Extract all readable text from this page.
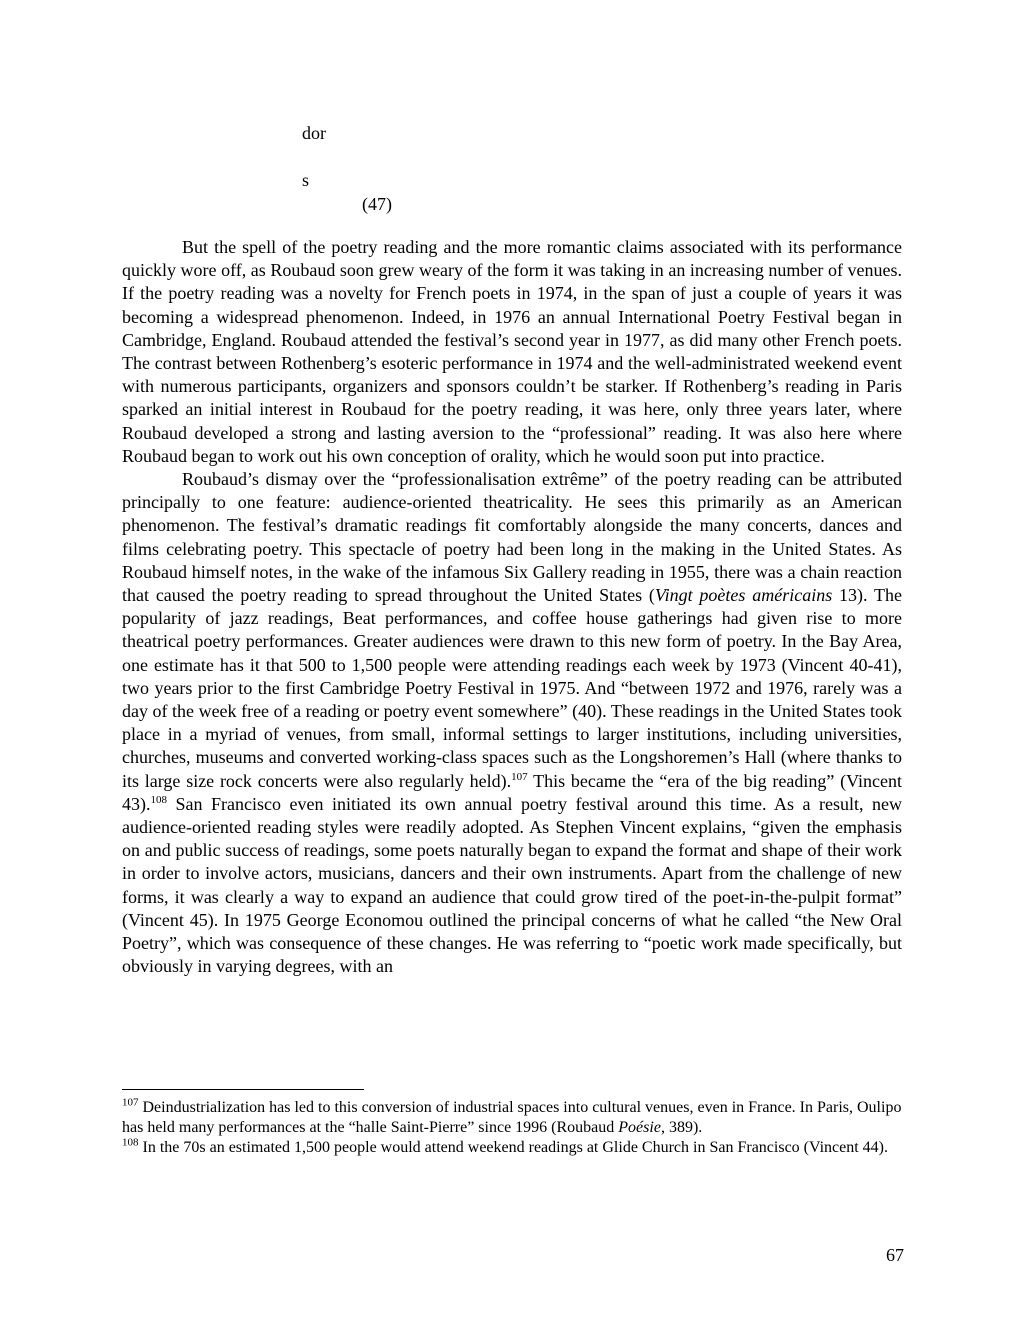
dor
s
(47)

But the spell of the poetry reading and the more romantic claims associated with its performance quickly wore off, as Roubaud soon grew weary of the form it was taking in an increasing number of venues. If the poetry reading was a novelty for French poets in 1974, in the span of just a couple of years it was becoming a widespread phenomenon. Indeed, in 1976 an annual International Poetry Festival began in Cambridge, England. Roubaud attended the festival’s second year in 1977, as did many other French poets. The contrast between Rothenberg’s esoteric performance in 1974 and the well-administrated weekend event with numerous participants, organizers and sponsors couldn’t be starker. If Rothenberg’s reading in Paris sparked an initial interest in Roubaud for the poetry reading, it was here, only three years later, where Roubaud developed a strong and lasting aversion to the “professional” reading. It was also here where Roubaud began to work out his own conception of orality, which he would soon put into practice.

Roubaud’s dismay over the “professionalisation extrême” of the poetry reading can be attributed principally to one feature: audience-oriented theatricality. He sees this primarily as an American phenomenon. The festival’s dramatic readings fit comfortably alongside the many concerts, dances and films celebrating poetry. This spectacle of poetry had been long in the making in the United States. As Roubaud himself notes, in the wake of the infamous Six Gallery reading in 1955, there was a chain reaction that caused the poetry reading to spread throughout the United States (Vingt poètes américains 13). The popularity of jazz readings, Beat performances, and coffee house gatherings had given rise to more theatrical poetry performances. Greater audiences were drawn to this new form of poetry. In the Bay Area, one estimate has it that 500 to 1,500 people were attending readings each week by 1973 (Vincent 40-41), two years prior to the first Cambridge Poetry Festival in 1975. And “between 1972 and 1976, rarely was a day of the week free of a reading or poetry event somewhere” (40). These readings in the United States took place in a myriad of venues, from small, informal settings to larger institutions, including universities, churches, museums and converted working-class spaces such as the Longshoremen’s Hall (where thanks to its large size rock concerts were also regularly held).$^{107}$ This became the “era of the big reading” (Vincent 43).$^{108}$ San Francisco even initiated its own annual poetry festival around this time. As a result, new audience-oriented reading styles were readily adopted. As Stephen Vincent explains, “given the emphasis on and public success of readings, some poets naturally began to expand the format and shape of their work in order to involve actors, musicians, dancers and their own instruments. Apart from the challenge of new forms, it was clearly a way to expand an audience that could grow tired of the poet-in-the-pulpit format” (Vincent 45). In 1975 George Economou outlined the principal concerns of what he called “the New Oral Poetry”, which was consequence of these changes. He was referring to “poetic work made specifically, but obviously in varying degrees, with an

$^{107}$ Deindustrialization has led to this conversion of industrial spaces into cultural venues, even in France. In Paris, Oulipo has held many performances at the “halle Saint-Pierre” since 1996 (Roubaud Poésie, 389).

$^{108}$ In the 70s an estimated 1,500 people would attend weekend readings at Glide Church in San Francisco (Vincent 44).

67
